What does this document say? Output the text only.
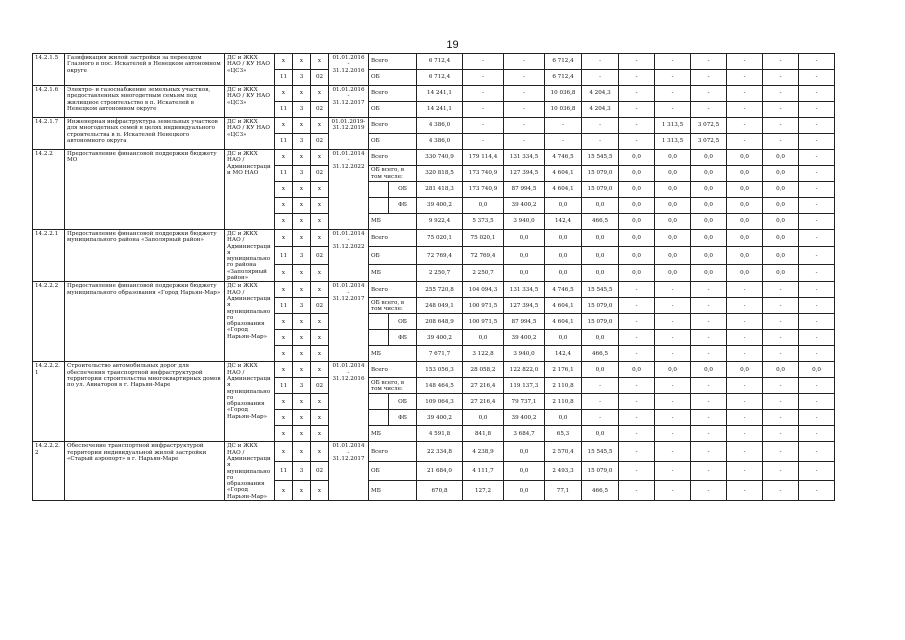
19
14.2.1.5	Газификация жилой застройки за переездом Глазного в пос. Искателей в Ненецком автономном округе	ДС и ЖКХ НАО / КУ НАО «ЦСЗ»	x	x	x	01.01.2016 - 31.12.2016	Всего		6 712,4	-	-	6 712,4	-	-	-	-	-	-	-
			11	3	02		ОБ		6 712,4	-	-	6 712,4	-	-	-	-	-	-	-
14.2.1.6	Электро- и газоснабжение земельных участков, предоставленных многодетным семьям под жилищное строительство в п. Искателей в Ненецком автономном округе	ДС и ЖКХ НАО / КУ НАО «ЦСЗ»	x	x	x	01.01.2016 - 31.12.2017	Всего		14 241,1	-	-	10 036,8	4 204,3	-	-	-	-	-	-
			11	3	02		ОБ		14 241,1	-	-	10 036,8	4 204,3	-	-	-	-	-	-
14.2.1.7	Инженерная инфраструктура земельных участков для многодетных семей в целях индивидуального строительства в п. Искателей Ненецкого автономного округа	ДС и ЖКХ НАО / КУ НАО «ЦСЗ»	x	x	x	01.01.2019- 31.12.2019	Всего		4 386,0	-	-	-	-	-	1 313,5	3 072,5	-	-	-
			11	3	02		ОБ		4 386,0	-	-	-	-	-	1 313,5	3 072,5	-	-	-
14.2.2	Предоставление финансовой поддержки бюджету МО	ДС и ЖКХ НАО / Администрации МО НАО	x	x	x	01.01.2014 - 31.12.2022	Всего		330 740,9	179 114,4	131 334,5	4 746,5	15 545,5	0,0	0,0	0,0	0,0	0,0	-
			11	3	02		ОБ всего, в том числе:		320 818,5	173 740,9	127 394,5	4 604,1	15 079,0	0,0	0,0	0,0	0,0	0,0	-
			x	x	x			ОБ	281 418,3	173 740,9	87 994,5	4 604,1	15 079,0	0,0	0,0	0,0	0,0	0,0	-
			x	x	x			ФБ	39 400,2	0,0	39 400,2	0,0	0,0	0,0	0,0	0,0	0,0	0,0	-
			x	x	x		МБ		9 922,4	5 373,5	3 940,0	142,4	466,5	0,0	0,0	0,0	0,0	0,0	-
14.2.2.1	Предоставление финансовой поддержки бюджету муниципального района «Заполярный район»	ДС и ЖКХ НАО / Администрация муниципального района «Заполярный район»	x	x	x	01.01.2014 - 31.12.2022	Всего		75 020,1	75 020,1	0,0	0,0	0,0	0,0	0,0	0,0	0,0	0,0	-
			11	3	02		ОБ		72 769,4	72 769,4	0,0	0,0	0,0	0,0	0,0	0,0	0,0	0,0	-
			x	x	x		МБ		2 250,7	2 250,7	0,0	0,0	0,0	0,0	0,0	0,0	0,0	0,0	-
14.2.2.2	Предоставление финансовой поддержки бюджету муниципального образования «Город Нарьян-Мар»	ДС и ЖКХ НАО / Администрация муниципального образования «Город Нарьян-Мар»	x	x	x	01.01.2014 - 31.12.2017	Всего		255 720,8	104 094,3	131 334,5	4 746,5	15 545,5	-	-	-	-	-	-
			11	3	02		ОБ всего, в том числе:		248 049,1	100 971,5	127 394,5	4 604,1	15 079,0	-	-	-	-	-	-
			x	x	x			ОБ	208 648,9	100 971,5	87 994,5	4 604,1	15 079,0	-	-	-	-	-	-
			x	x	x			ФБ	39 400,2	0,0	39 400,2	0,0	0,0	-	-	-	-	-	-
			x	x	x		МБ		7 671,7	3 122,8	3 940,0	142,4	466,5	-	-	-	-	-	-
14.2.2.2.1	Строительство автомобильных дорог для обеспечения транспортной инфраструктурой территории строительства многоквартирных домов по ул. Авиаторов в г. Нарьян-Маре	ДС и ЖКХ НАО / Администрация муниципального образования «Город Нарьян-Мар»	x	x	x	01.01.2014 - 31.12.2016	Всего		153 056,3	28 058,2	122 822,0	2 176,1	0,0	0,0	0,0	0,0	0,0	0,0	0,0
			11	3	02		ОБ всего, в том числе:		148 464,5	27 216,4	119 137,3	2 110,8	-	-	-	-	-	-	-
			x	x	x			ОБ	109 064,3	27 216,4	79 737,1	2 110,8	-	-	-	-	-	-	-
			x	x	x			ФБ	39 400,2	0,0	39 400,2	0,0	-	-	-	-	-	-	-
			x	x	x		МБ		4 591,8	841,8	3 684,7	65,3	0,0	-	-	-	-	-	-
14.2.2.2.2	Обеспечение транспортной инфраструктурой территории индивидуальной жилой застройки «Старый аэропорт» в г. Нарьян-Маре	ДС и ЖКХ НАО / Администрация муниципального образования «Город Нарьян-Мар»	x	x	x	01.01.2014 - 31.12.2017	Всего		22 334,8	4 238,9	0,0	2 570,4	15 545,5	-	-	-	-	-	-
			11	3	02		ОБ		21 684,0	4 111,7	0,0	2 493,3	15 079,0	-	-	-	-	-	-
			x	x	x		МБ		670,8	127,2	0,0	77,1	466,5	-	-	-	-	-	-
